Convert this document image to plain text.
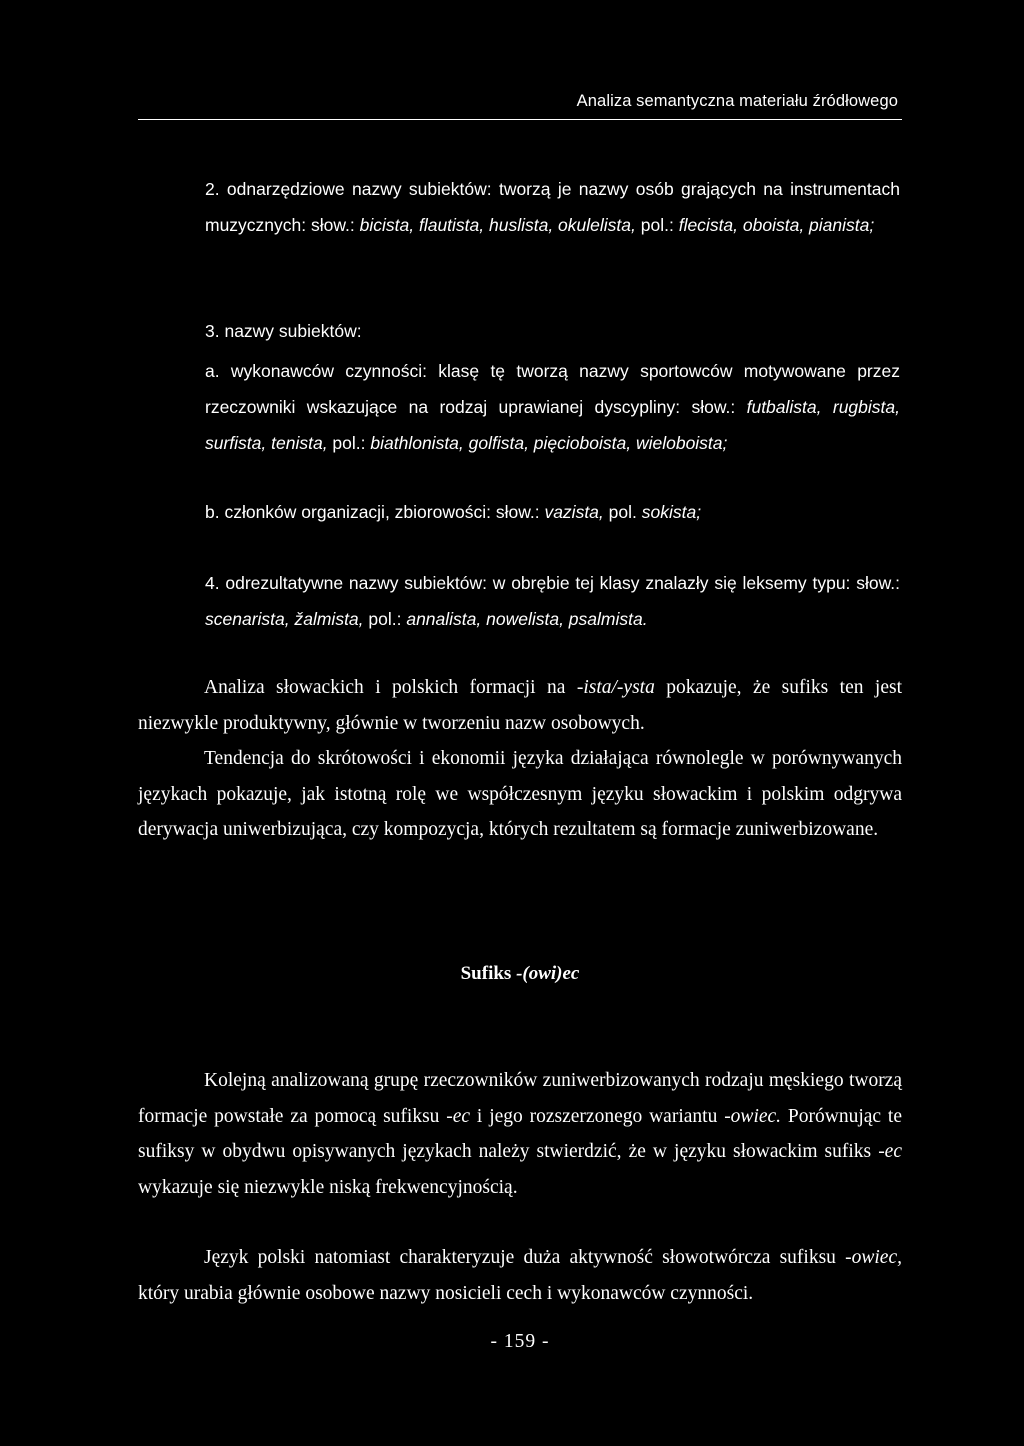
Analiza semantyczna materiału źródłowego
2. odnarzędziowe nazwy subiektów: tworzą je nazwy osób grających na instrumentach muzycznych: słow.: bicista, flautista, huslista, okulelista, pol.: flecista, oboista, pianista;
3. nazwy subiektów:
a. wykonawców czynności: klasę tę tworzą nazwy sportowców motywowane przez rzeczowniki wskazujące na rodzaj uprawianej dyscypliny: słow.: futbalista, rugbista, surfista, tenista, pol.: biathlonista, golfista, pięcioboista, wieloboista;
b. członków organizacji, zbiorowości: słow.: vazista, pol. sokista;
4. odrezultatywne nazwy subiektów: w obrębie tej klasy znalazły się leksemy typu: słow.: scenarista, žalmista, pol.: annalista, nowelista, psalmista.
Analiza słowackich i polskich formacji na -ista/-ysta pokazuje, że sufiks ten jest niezwykle produktywny, głównie w tworzeniu nazw osobowych.
Tendencja do skrótowości i ekonomii języka działająca równolegle w porównywanych językach pokazuje, jak istotną rolę we współczesnym języku słowackim i polskim odgrywa derywacja uniwerbizująca, czy kompozycja, których rezultatem są formacje zuniwerbizowane.
Sufiks -(owi)ec
Kolejną analizowaną grupę rzeczowników zuniwerbizowanych rodzaju męskiego tworzą formacje powstałe za pomocą sufiksu -ec i jego rozszerzonego wariantu -owiec. Porównując te sufiksy w obydwu opisywanych językach należy stwierdzić, że w języku słowackim sufiks -ec wykazuje się niezwykle niską frekwencyjnością.
Język polski natomiast charakteryzuje duża aktywność słowotwórcza sufiksu -owiec, który urabia głównie osobowe nazwy nosicieli cech i wykonawców czynności.
- 159 -
